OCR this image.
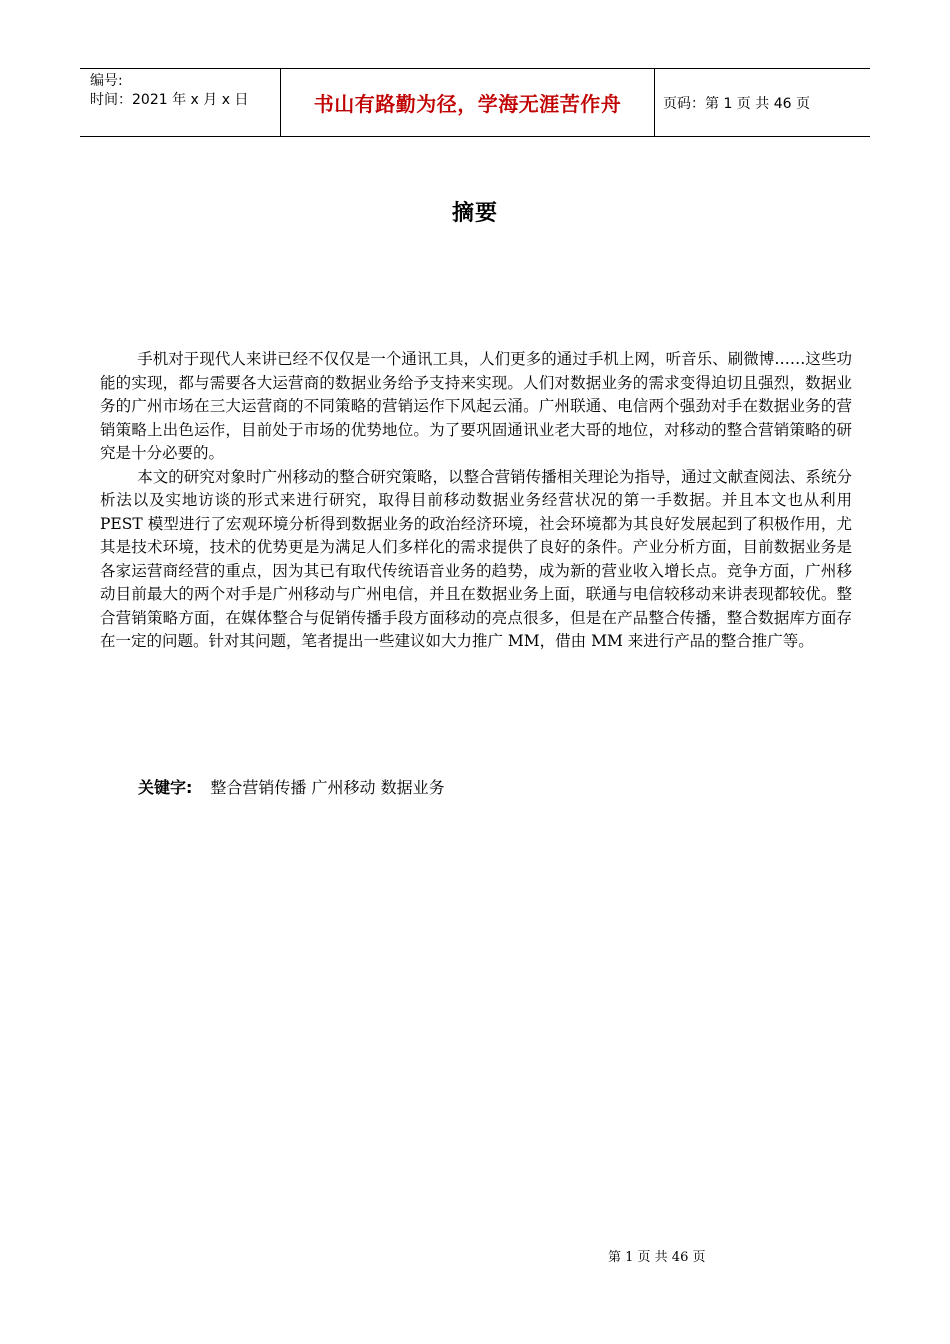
编号:
时间：2021 年 x 月 x 日	书山有路勤为径，学海无涯苦作舟	页码：第 1 页 共 46 页
摘要

手机对于现代人来讲已经不仅仅是一个通讯工具，人们更多的通过手机上网，听音乐、刷微博……这些功能的实现，都与需要各大运营商的数据业务给予支持来实现。人们对数据业务的需求变得迫切且强烈，数据业务的广州市场在三大运营商的不同策略的营销运作下风起云涌。广州联通、电信两个强劲对手在数据业务的营销策略上出色运作，目前处于市场的优势地位。为了要巩固通讯业老大哥的地位，对移动的整合营销策略的研究是十分必要的。

本文的研究对象时广州移动的整合研究策略，以整合营销传播相关理论为指导，通过文献查阅法、系统分析法以及实地访谈的形式来进行研究，取得目前移动数据业务经营状况的第一手数据。并且本文也从利用 PEST 模型进行了宏观环境分析得到数据业务的政治经济环境，社会环境都为其良好发展起到了积极作用，尤其是技术环境，技术的优势更是为满足人们多样化的需求提供了良好的条件。产业分析方面，目前数据业务是各家运营商经营的重点，因为其已有取代传统语音业务的趋势，成为新的营业收入增长点。竞争方面，广州移动目前最大的两个对手是广州移动与广州电信，并且在数据业务上面，联通与电信较移动来讲表现都较优。整合营销策略方面，在媒体整合与促销传播手段方面移动的亮点很多，但是在产品整合传播，整合数据库方面存在一定的问题。针对其问题，笔者提出一些建议如大力推广 MM，借由 MM 来进行产品的整合推广等。

关键字: 整合营销传播 广州移动 数据业务
第 1 页 共 46 页
